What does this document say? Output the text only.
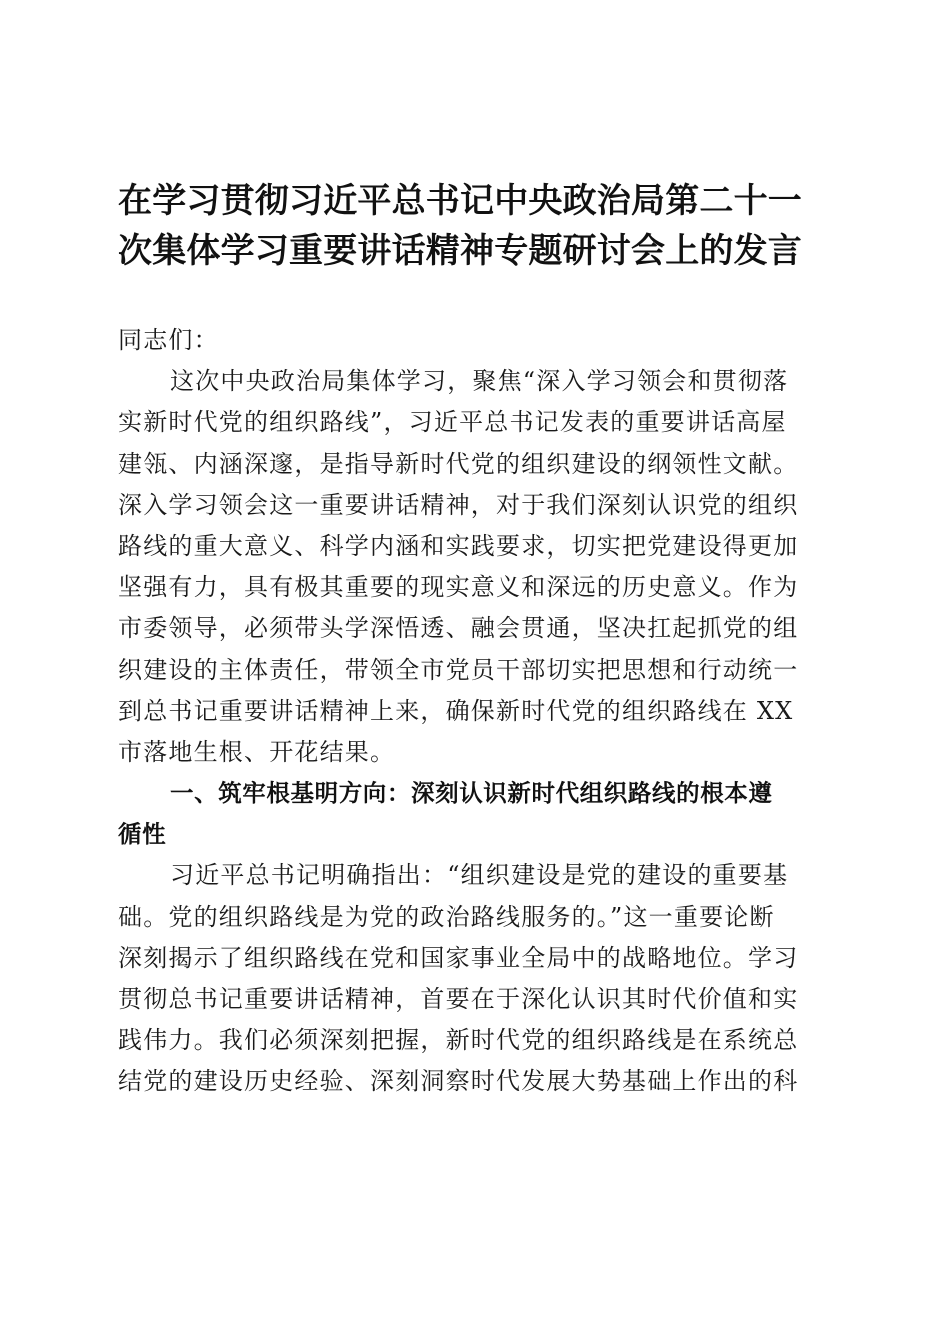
在学习贯彻习近平总书记中央政治局第二十一
次集体学习重要讲话精神专题研讨会上的发言
同志们：
这次中央政治局集体学习，聚焦“深入学习领会和贯彻落
实新时代党的组织路线”，习近平总书记发表的重要讲话高屋
建瓴、内涵深邃，是指导新时代党的组织建设的纲领性文献。
深入学习领会这一重要讲话精神，对于我们深刻认识党的组织
路线的重大意义、科学内涵和实践要求，切实把党建设得更加
坚强有力，具有极其重要的现实意义和深远的历史意义。作为
市委领导，必须带头学深悟透、融会贯通，坚决扛起抓党的组
织建设的主体责任，带领全市党员干部切实把思想和行动统一
到总书记重要讲话精神上来，确保新时代党的组织路线在 XX
市落地生根、开花结果。
一、筑牢根基明方向：深刻认识新时代组织路线的根本遵
循性
习近平总书记明确指出：“组织建设是党的建设的重要基
础。党的组织路线是为党的政治路线服务的。”这一重要论断
深刻揭示了组织路线在党和国家事业全局中的战略地位。学习
贯彻总书记重要讲话精神，首要在于深化认识其时代价值和实
践伟力。我们必须深刻把握，新时代党的组织路线是在系统总
结党的建设历史经验、深刻洞察时代发展大势基础上作出的科
